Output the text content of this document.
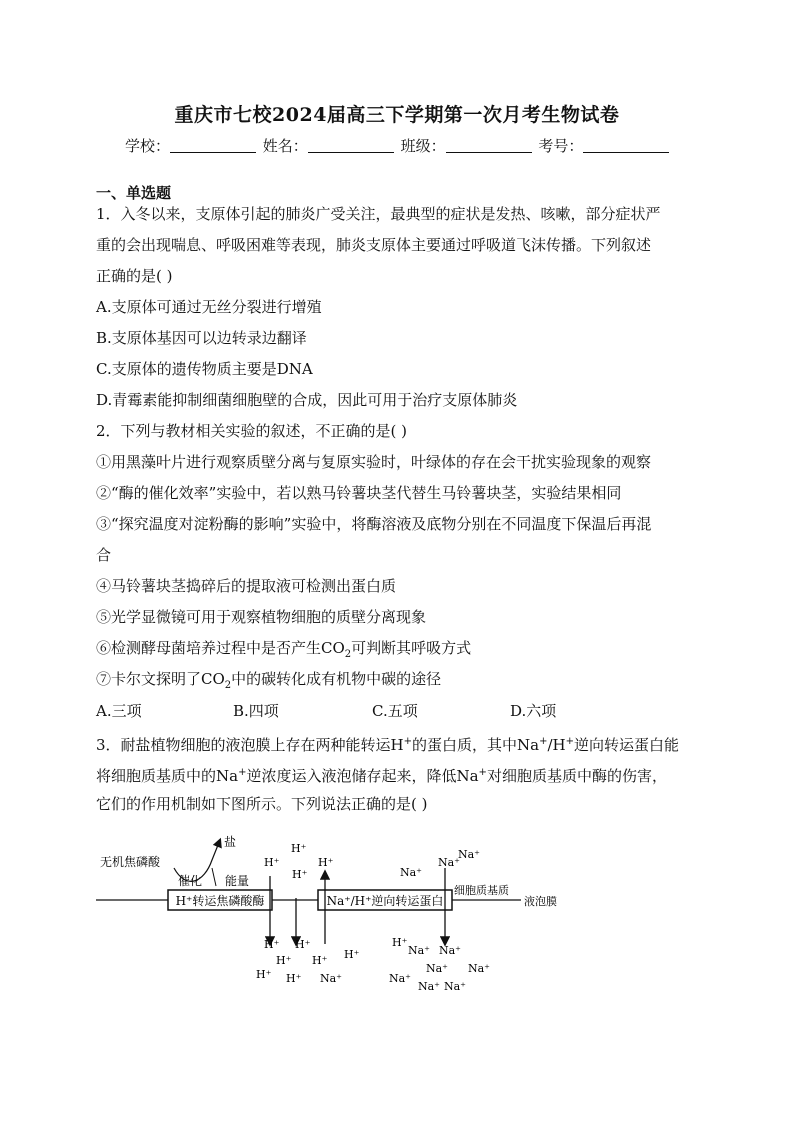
重庆市七校2024届高三下学期第一次月考生物试卷
学校：	姓名：	班级：	考号：
一、单选题
1．入冬以来，支原体引起的肺炎广受关注，最典型的症状是发热、咳嗽，部分症状严
重的会出现喘息、呼吸困难等表现，肺炎支原体主要通过呼吸道飞沫传播。下列叙述
正确的是( )
A.支原体可通过无丝分裂进行增殖
B.支原体基因可以边转录边翻译
C.支原体的遗传物质主要是DNA
D.青霉素能抑制细菌细胞壁的合成，因此可用于治疗支原体肺炎
2．下列与教材相关实验的叙述，不正确的是( )
①用黑藻叶片进行观察质壁分离与复原实验时，叶绿体的存在会干扰实验现象的观察
②“酶的催化效率”实验中，若以熟马铃薯块茎代替生马铃薯块茎，实验结果相同
③“探究温度对淀粉酶的影响”实验中，将酶溶液及底物分别在不同温度下保温后再混
合
④马铃薯块茎捣碎后的提取液可检测出蛋白质
⑤光学显微镜可用于观察植物细胞的质壁分离现象
⑥检测酵母菌培养过程中是否产生$CO_2$可判断其呼吸方式
⑦卡尔文探明了$CO_2$中的碳转化成有机物中碳的途径
A.三项	B.四项	C.五项	D.六项
3．耐盐植物细胞的液泡膜上存在两种能转运H+的蛋白质，其中Na+/H+逆向转运蛋白能
将细胞质基质中的Na+逆浓度运入液泡储存起来，降低Na+对细胞质基质中酶的伤害，
它们的作用机制如下图所示。下列说法正确的是( )
H⁺转运焦磷酸酶	Na⁺/H⁺逆向转运蛋白
无机焦磷酸
盐
催化 能量
细胞质基质
液泡膜
H⁺
H⁺
H⁺
H⁺
Na⁺
Na⁺
Na⁺
H⁺ H⁺
H⁺
H⁺ H⁺
H⁺ H⁺
Na⁺
H⁺
Na⁺ Na⁺
Na⁺ Na⁺
Na⁺
Na⁺ Na⁺
